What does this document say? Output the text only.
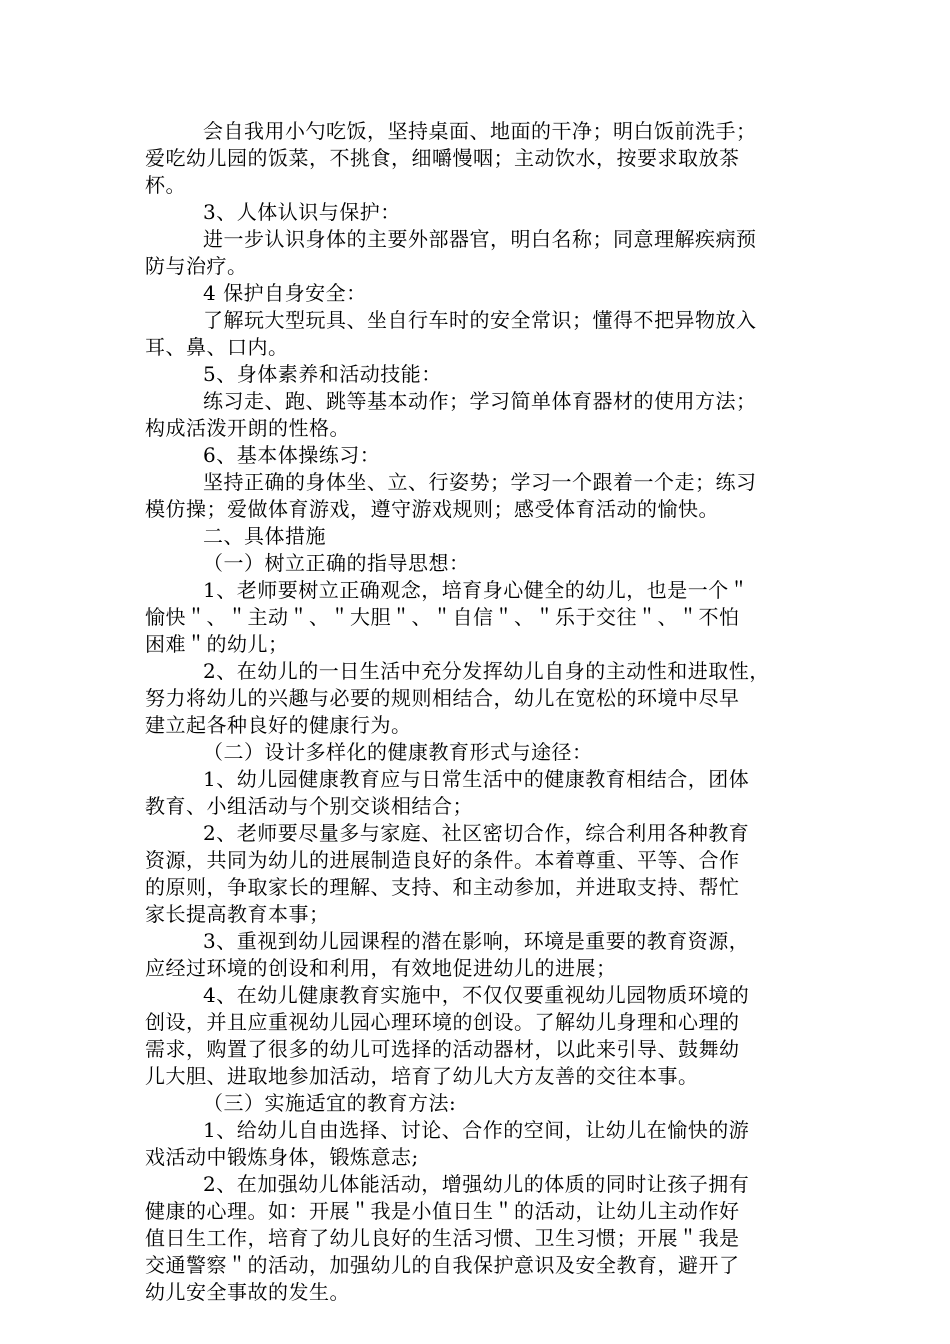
会自我用小勺吃饭，坚持桌面、地面的干净；明白饭前洗手；

爱吃幼儿园的饭菜，不挑食，细嚼慢咽；主动饮水，按要求取放茶

杯。

3、人体认识与保护：

进一步认识身体的主要外部器官，明白名称；同意理解疾病预

防与治疗。

4 保护自身安全：

了解玩大型玩具、坐自行车时的安全常识；懂得不把异物放入

耳、鼻、口内。

5、身体素养和活动技能：

练习走、跑、跳等基本动作；学习简单体育器材的使用方法；

构成活泼开朗的性格。

6、基本体操练习：

坚持正确的身体坐、立、行姿势；学习一个跟着一个走；练习

模仿操；爱做体育游戏，遵守游戏规则；感受体育活动的愉快。

二、具体措施

（一）树立正确的指导思想：

1、老师要树立正确观念，培育身心健全的幼儿，也是一个＂

愉快＂、＂主动＂、＂大胆＂、＂自信＂、＂乐于交往＂、＂不怕

困难＂的幼儿；

2、在幼儿的一日生活中充分发挥幼儿自身的主动性和进取性，

努力将幼儿的兴趣与必要的规则相结合，幼儿在宽松的环境中尽早

建立起各种良好的健康行为。

（二）设计多样化的健康教育形式与途径：

1、幼儿园健康教育应与日常生活中的健康教育相结合，团体

教育、小组活动与个别交谈相结合；

2、老师要尽量多与家庭、社区密切合作，综合利用各种教育

资源，共同为幼儿的进展制造良好的条件。本着尊重、平等、合作

的原则，争取家长的理解、支持、和主动参加，并进取支持、帮忙

家长提高教育本事；

3、重视到幼儿园课程的潜在影响，环境是重要的教育资源，

应经过环境的创设和利用，有效地促进幼儿的进展；

4、在幼儿健康教育实施中，不仅仅要重视幼儿园物质环境的

创设，并且应重视幼儿园心理环境的创设。了解幼儿身理和心理的

需求，购置了很多的幼儿可选择的活动器材，以此来引导、鼓舞幼

儿大胆、进取地参加活动，培育了幼儿大方友善的交往本事。

（三）实施适宜的教育方法:

1、给幼儿自由选择、讨论、合作的空间，让幼儿在愉快的游

戏活动中锻炼身体，锻炼意志;

2、在加强幼儿体能活动，增强幼儿的体质的同时让孩子拥有

健康的心理。如：开展＂我是小值日生＂的活动，让幼儿主动作好

值日生工作，培育了幼儿良好的生活习惯、卫生习惯；开展＂我是

交通警察＂的活动，加强幼儿的自我保护意识及安全教育，避开了

幼儿安全事故的发生。
